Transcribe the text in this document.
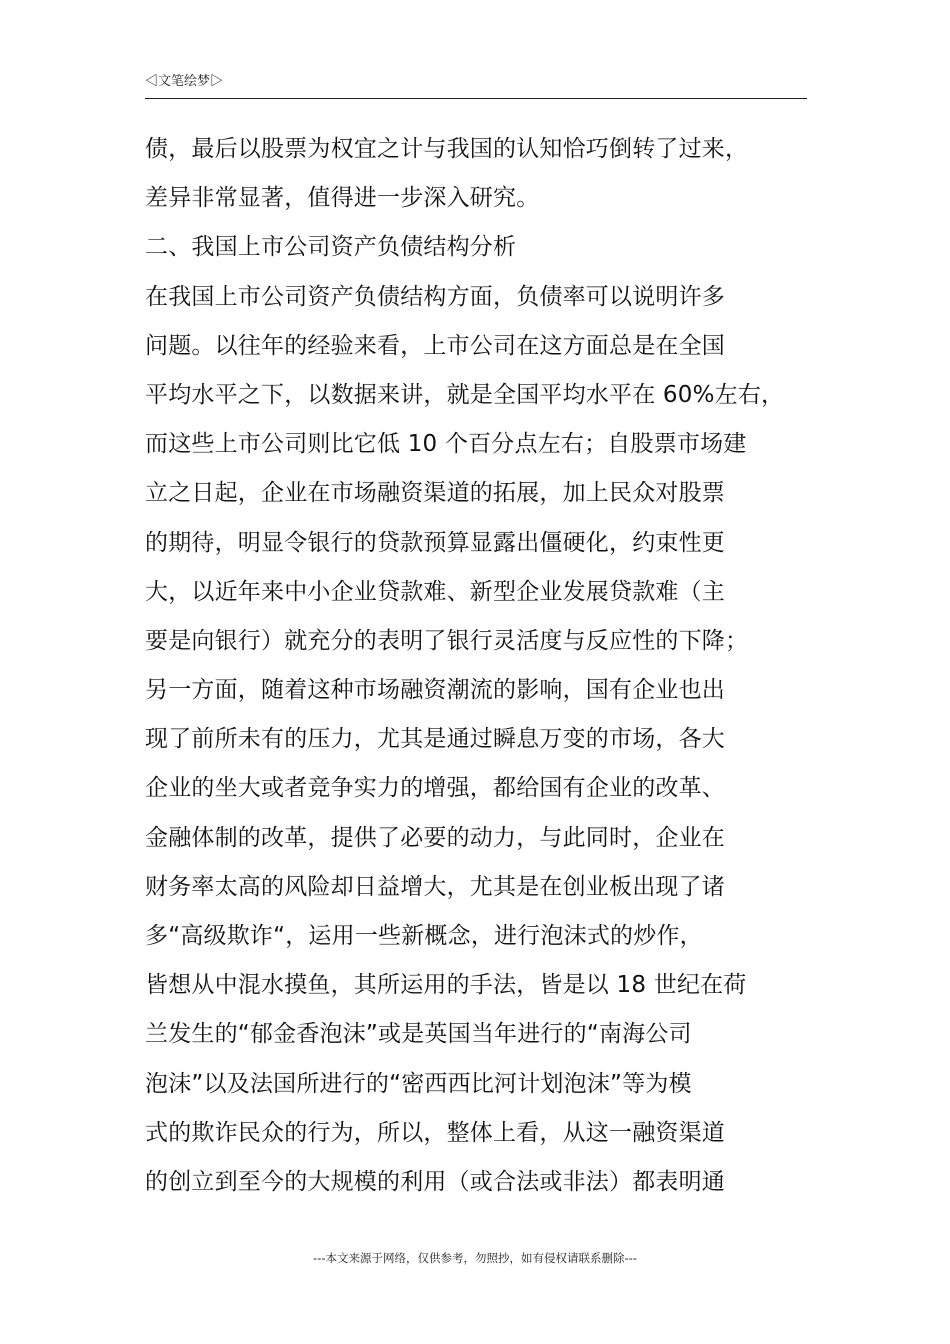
◁文笔绘梦▷
债，最后以股票为权宜之计与我国的认知恰巧倒转了过来，
差异非常显著，值得进一步深入研究。
二、我国上市公司资产负债结构分析
在我国上市公司资产负债结构方面，负债率可以说明许多
问题。以往年的经验来看，上市公司在这方面总是在全国
平均水平之下，以数据来讲，就是全国平均水平在 60%左右，
而这些上市公司则比它低 10 个百分点左右；自股票市场建
立之日起，企业在市场融资渠道的拓展，加上民众对股票
的期待，明显令银行的贷款预算显露出僵硬化，约束性更
大，以近年来中小企业贷款难、新型企业发展贷款难（主
要是向银行）就充分的表明了银行灵活度与反应性的下降；
另一方面，随着这种市场融资潮流的影响，国有企业也出
现了前所未有的压力，尤其是通过瞬息万变的市场，各大
企业的坐大或者竞争实力的增强，都给国有企业的改革、
金融体制的改革，提供了必要的动力，与此同时，企业在
财务率太高的风险却日益增大，尤其是在创业板出现了诸
多“高级欺诈“，运用一些新概念，进行泡沫式的炒作，
皆想从中混水摸鱼，其所运用的手法，皆是以 18 世纪在荷
兰发生的“郁金香泡沫”或是英国当年进行的“南海公司
泡沫”以及法国所进行的“密西西比河计划泡沫”等为模
式的欺诈民众的行为，所以，整体上看，从这一融资渠道
的创立到至今的大规模的利用（或合法或非法）都表明通
---本文来源于网络，仅供参考，勿照抄，如有侵权请联系删除---
